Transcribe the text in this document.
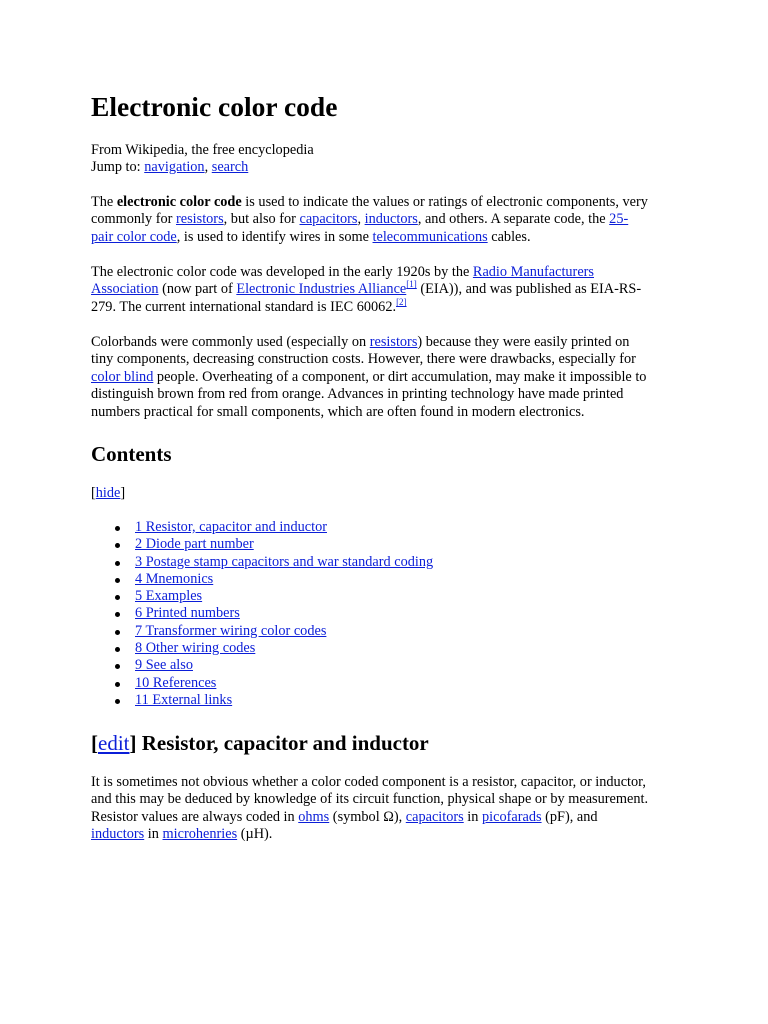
Electronic color code
From Wikipedia, the free encyclopedia
Jump to: navigation, search
The electronic color code is used to indicate the values or ratings of electronic components, very
commonly for resistors, but also for capacitors, inductors, and others. A separate code, the 25-
pair color code, is used to identify wires in some telecommunications cables.
The electronic color code was developed in the early 1920s by the Radio Manufacturers
Association (now part of Electronic Industries Alliance[1] (EIA)), and was published as EIA-RS-
279. The current international standard is IEC 60062.[2]
Colorbands were commonly used (especially on resistors) because they were easily printed on
tiny components, decreasing construction costs. However, there were drawbacks, especially for
color blind people. Overheating of a component, or dirt accumulation, may make it impossible to
distinguish brown from red from orange. Advances in printing technology have made printed
numbers practical for small components, which are often found in modern electronics.
Contents
[hide]
1 Resistor, capacitor and inductor
2 Diode part number
3 Postage stamp capacitors and war standard coding
4 Mnemonics
5 Examples
6 Printed numbers
7 Transformer wiring color codes
8 Other wiring codes
9 See also
10 References
11 External links
[edit] Resistor, capacitor and inductor
It is sometimes not obvious whether a color coded component is a resistor, capacitor, or inductor,
and this may be deduced by knowledge of its circuit function, physical shape or by measurement.
Resistor values are always coded in ohms (symbol Ω), capacitors in picofarads (pF), and
inductors in microhenries (µH).
